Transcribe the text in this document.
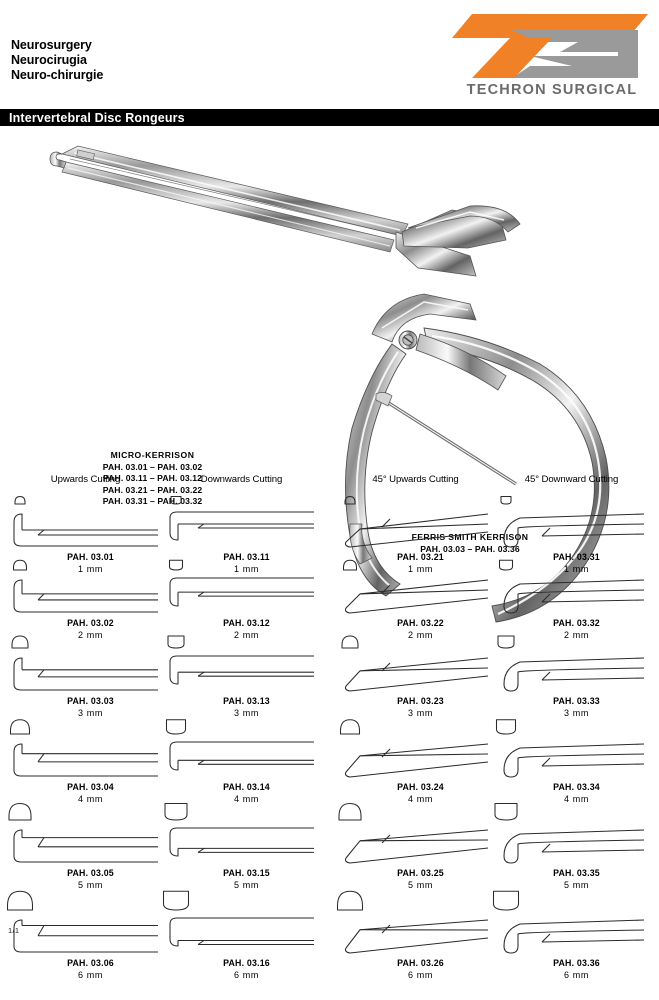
Neurosurgery
Neurocirugia
Neuro-chirurgie
TECHRON SURGICAL
Intervertebral Disc Rongeurs
MICRO-KERRISON
PAH. 03.01 – PAH. 03.02
PAH. 03.11 – PAH. 03.12
PAH. 03.21 – PAH. 03.22
PAH. 03.31 – PAH. 03.32
FERRIS SMITH KERRISON
PAH. 03.03 – PAH. 03.36
Upwards Cutting	Downwards Cutting	45° Upwards Cutting	45° Downward Cutting
1/1
PAH. 03.01
1 mm
PAH. 03.11
1 mm
PAH. 03.21
1 mm
PAH. 03.31
1 mm
PAH. 03.02
2 mm
PAH. 03.12
2 mm
PAH. 03.22
2 mm
PAH. 03.32
2 mm
PAH. 03.03
3 mm
PAH. 03.13
3 mm
PAH. 03.23
3 mm
PAH. 03.33
3 mm
PAH. 03.04
4 mm
PAH. 03.14
4 mm
PAH. 03.24
4 mm
PAH. 03.34
4 mm
PAH. 03.05
5 mm
PAH. 03.15
5 mm
PAH. 03.25
5 mm
PAH. 03.35
5 mm
PAH. 03.06
6 mm
PAH. 03.16
6 mm
PAH. 03.26
6 mm
PAH. 03.36
6 mm
